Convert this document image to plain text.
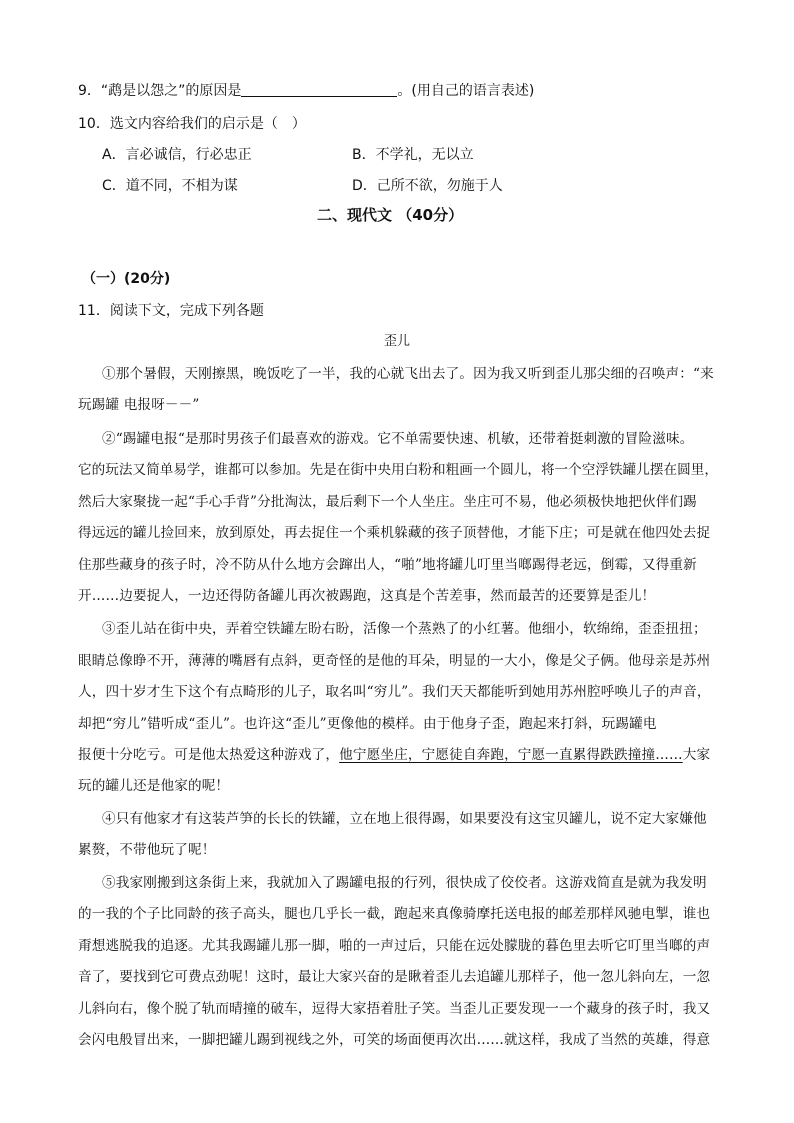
9．“鹉是以怨之”的原因是	。(用自己的语言表述)
10．选文内容给我们的启示是（　）
A．言必诚信，行必忠正	B．不学礼，无以立
C．道不同，不相为谋	D．己所不欲，勿施于人
二、现代文 （40分）
（一）(20分)
11．阅读下文，完成下列各题
歪儿
①那个暑假，天刚擦黑，晚饭吃了一半，我的心就飞出去了。因为我又听到歪儿那尖细的召唤声：“来
玩踢罐 电报呀－－”
②“踢罐电报“是那时男孩子们最喜欢的游戏。它不单需要快速、机敏，还带着挺刺激的冒险滋味。
它的玩法又简单易学，谁都可以参加。先是在街中央用白粉和粗画一个圆儿，将一个空浮铁罐儿摆在圆里，
然后大家聚拢一起“手心手背”分批淘汰，最后剩下一个人坐庄。坐庄可不易，他必须极快地把伙伴们踢
得远远的罐儿捡回来，放到原处，再去捉住一个乘机躲藏的孩子顶替他，才能下庄；可是就在他四处去捉
住那些藏身的孩子时，冷不防从什么地方会蹿出人，“啪”地将罐儿叮里当啷踢得老远，倒霉，又得重新
开……边要捉人，一边还得防备罐儿再次被踢跑，这真是个苦差事，然而最苦的还要算是歪儿！
③歪儿站在街中央，弄着空铁罐左盼右盼，活像一个蒸熟了的小红薯。他细小，软绵绵，歪歪扭扭；
眼睛总像睁不开，薄薄的嘴唇有点斜，更奇怪的是他的耳朵，明显的一大小，像是父子俩。他母亲是苏州
人，四十岁才生下这个有点畸形的儿子，取名叫“穷儿”。我们天天都能听到她用苏州腔呼唤儿子的声音，
却把“穷儿”错听成“歪儿”。也许这“歪儿”更像他的模样。由于他身子歪，跑起来打斜，玩踢罐电
报便十分吃亏。可是他太热爱这种游戏了，他宁愿坐庄，宁愿徒自奔跑，宁愿一直累得跌跌撞撞……大家
玩的罐儿还是他家的呢！
④只有他家才有这装芦笋的长长的铁罐，立在地上很得踢，如果要没有这宝贝罐儿，说不定大家嫌他
累赘，不带他玩了呢！
⑤我家刚搬到这条街上来，我就加入了踢罐电报的行列，很快成了佼佼者。这游戏简直是就为我发明
的一我的个子比同龄的孩子高头，腿也几乎长一截，跑起来真像骑摩托送电报的邮差那样风驰电掣，谁也
甭想逃脱我的追逐。尤其我踢罐儿那一脚，啪的一声过后，只能在远处朦胧的暮色里去听它叮里当啷的声
音了，要找到它可费点劲呢！这时，最让大家兴奋的是瞅着歪儿去追罐儿那样子，他一忽儿斜向左，一忽
儿斜向右，像个脱了轨而晴撞的破车，逗得大家捂着肚子笑。当歪儿正要发现一一个藏身的孩子时，我又
会闪电般冒出来，一脚把罐儿踢到视线之外，可笑的场面便再次出……就这样，我成了当然的英雄，得意
